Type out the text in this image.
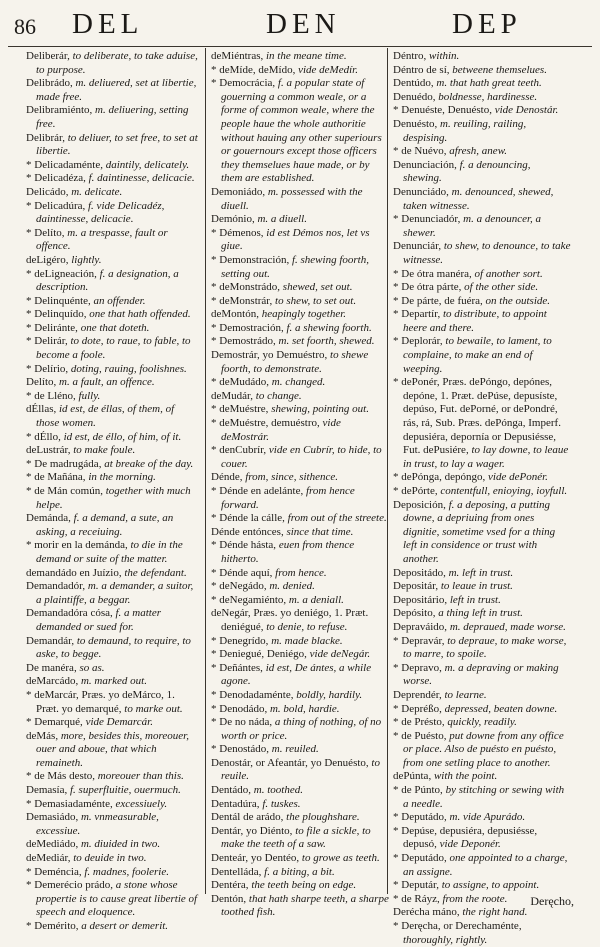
86 DEL	DEN	DEP

Deliberár, to deliberate, to take aduise, to purpose.

Delibrádo, m. deliuered, set at libertie, made free.

Delibramiénto, m. deliuering, setting free.

Delibrár, to deliuer, to set free, to set at libertie.

* Delicadaménte, daintily, delicately.

* Delicadéza, f. daintinesse, delicacie.

Delicádo, m. delicate.

* Delicadúra, f. vide Delicadéz, daintinesse, delicacie.

* Delíto, m. a trespasse, fault or offence.

deLigéro, lightly.

* deLigneación, f. a designation, a description.

* Delinquénte, an offender.

* Delinquído, one that hath offended.

* Deliránte, one that doteth.

* Delirár, to dote, to raue, to fable, to become a foole.

* Delírio, doting, rauing, foolishnes.

Delíto, m. a fault, an offence.

* de Lléno, fully.

dÉllas, id est, de éllas, of them, of those women.

* dÉllo, id est, de éllo, of him, of it.

deLustrár, to make foule.

* De madrugáda, at breake of the day.

* de Mañána, in the morning.

* de Mán común, together with much helpe.

Demánda, f. a demand, a sute, an asking, a receiuing.

* morir en la demánda, to die in the demand or suite of the matter.

demandádo en Juízio, the defendant.

Demandadór, m. a demander, a suitor, a plaintiffe, a beggar.

Demandadóra cósa, f. a matter demanded or sued for.

Demandár, to demaund, to require, to aske, to begge.

De manéra, so as.

deMarcádo, m. marked out.

* deMarcár, Præs. yo deMárco, 1. Præt. yo demarqué, to marke out.

* Demarqué, vide Demarcár.

deMás, more, besides this, moreouer, ouer and aboue, that which remaineth.

* de Más desto, moreouer than this.

Demasía, f. superfluitie, ouermuch.

* Demasiadaménte, excessiuely.

Demasiádo, m. vnmeasurable, excessiue.

deMediádo, m. diuided in two.

deMediár, to deuide in two.

* Deméncia, f. madnes, foolerie.

* Demerécio prádo, a stone whose propertie is to cause great libertie of speech and eloquence.

* Demérito, a desert or demerit.

deMiéntras, in the meane time.

* deMíde, deMído, vide deMedír.

* Democrácia, f. a popular state of gouerning a common weale, or a forme of common weale, where the people haue the whole authoritie without hauing any other superiours or gouernours except those officers they themselues haue made, or by them are established.

Demoniádo, m. possessed with the diuell.

Demónio, m. a diuell.

* Démenos, id est Démos nos, let vs giue.

* Demonstración, f. shewing foorth, setting out.

* deMonstrádo, shewed, set out.

* deMonstrár, to shew, to set out.

deMontón, heapingly together.

* Demostración, f. a shewing foorth.

* Demostrádo, m. set foorth, shewed.

Demostrár, yo Demuéstro, to shewe foorth, to demonstrate.

* deMudádo, m. changed.

deMudár, to change.

* deMuéstre, shewing, pointing out.

* deMuéstre, demuéstro, vide deMostrár.

* denCubrír, vide en Cubrír, to hide, to couer.

Dénde, from, since, sithence.

* Dénde en adelánte, from hence forward.

* Dénde la cálle, from out of the streete.

Dénde entónces, since that time.

* Dénde hásta, euen from thence hitherto.

* Dénde aquí, from hence.

* deNegádo, m. denied.

* deNegamiénto, m. a deniall.

deNegár, Præs. yo deniégo, 1. Præt. deniégué, to denie, to refuse.

* Denegrído, m. made blacke.

* Deniegué, Deniégo, vide deNegár.

* Deñántes, id est, De ántes, a while agone.

* Denodadaménte, boldly, hardily.

* Denodádo, m. bold, hardie.

* De no náda, a thing of nothing, of no worth or price.

* Denostádo, m. reuiled.

Denostár, or Afeantár, yo Denuésto, to reuile.

Dentádo, m. toothed.

Dentadúra, f. tuskes.

Dentál de arádo, the ploughshare.

Dentár, yo Diénto, to file a sickle, to make the teeth of a saw.

Denteár, yo Dentéo, to growe as teeth.

Dentelláda, f. a biting, a bit.

Dentéra, the teeth being on edge.

Dentón, that hath sharpe teeth, a sharpe toothed fish.

Déntro, within.

Déntro de sí, betweene themselues.

Dentúdo, m. that hath great teeth.

Denuédo, boldnesse, hardinesse.

* Denuéste, Denuésto, vide Denostár.

Denuésto, m. reuiling, railing, despising.

* de Nuévo, afresh, anew.

Denunciación, f. a denouncing, shewing.

Denunciádo, m. denounced, shewed, taken witnesse.

* Denunciadór, m. a denouncer, a shewer.

Denunciár, to shew, to denounce, to take witnesse.

* De ótra manéra, of another sort.

* De ótra párte, of the other side.

* De párte, de fuéra, on the outside.

* Departír, to distribute, to appoint heere and there.

* Deplorár, to bewaile, to lament, to complaine, to make an end of weeping.

* dePonér, Præs. dePóngo, depónes, depóne, 1. Præt. dePúse, depusíste, depúso, Fut. dePorné, or dePondré, rás, rá, Sub. Præs. dePónga, Imperf. depusiéra, depornía or Depusiésse, Fut. dePusiére, to lay downe, to leaue in trust, to lay a wager.

* dePónga, depóngo, vide dePonér.

* dePórte, contentfull, enioying, ioyfull.

Deposición, f. a deposing, a putting downe, a depriuing from ones dignitie, sometime vsed for a thing left in considence or trust with another.

Depositádo, m. left in trust.

Depositár, to leaue in trust.

Depositário, left in trust.

Depósito, a thing left in trust.

Depraváido, m. depraued, made worse.

* Depravár, to depraue, to make worse, to marre, to spoile.

* Depravo, m. a depraving or making worse.

Deprendér, to learne.

* Depréßo, depressed, beaten downe.

* de Présto, quickly, readily.

* de Puésto, put downe from any office or place. Also de puésto en puésto, from one setling place to another.

dePúnta, with the point.

* de Púnto, by stitching or sewing with a needle.

* Deputádo, m. vide Apurádo.

* Depúse, depusiéra, depusiésse, depusó, vide Deponér.

* Deputádo, one appointed to a charge, an assigne.

* Deputár, to assigne, to appoint.

* de Ráyz, from the roote.

Derécha máno, the right hand.

* Deręcha, or Derechaménte, thoroughly, rightly.

Deręcho,
